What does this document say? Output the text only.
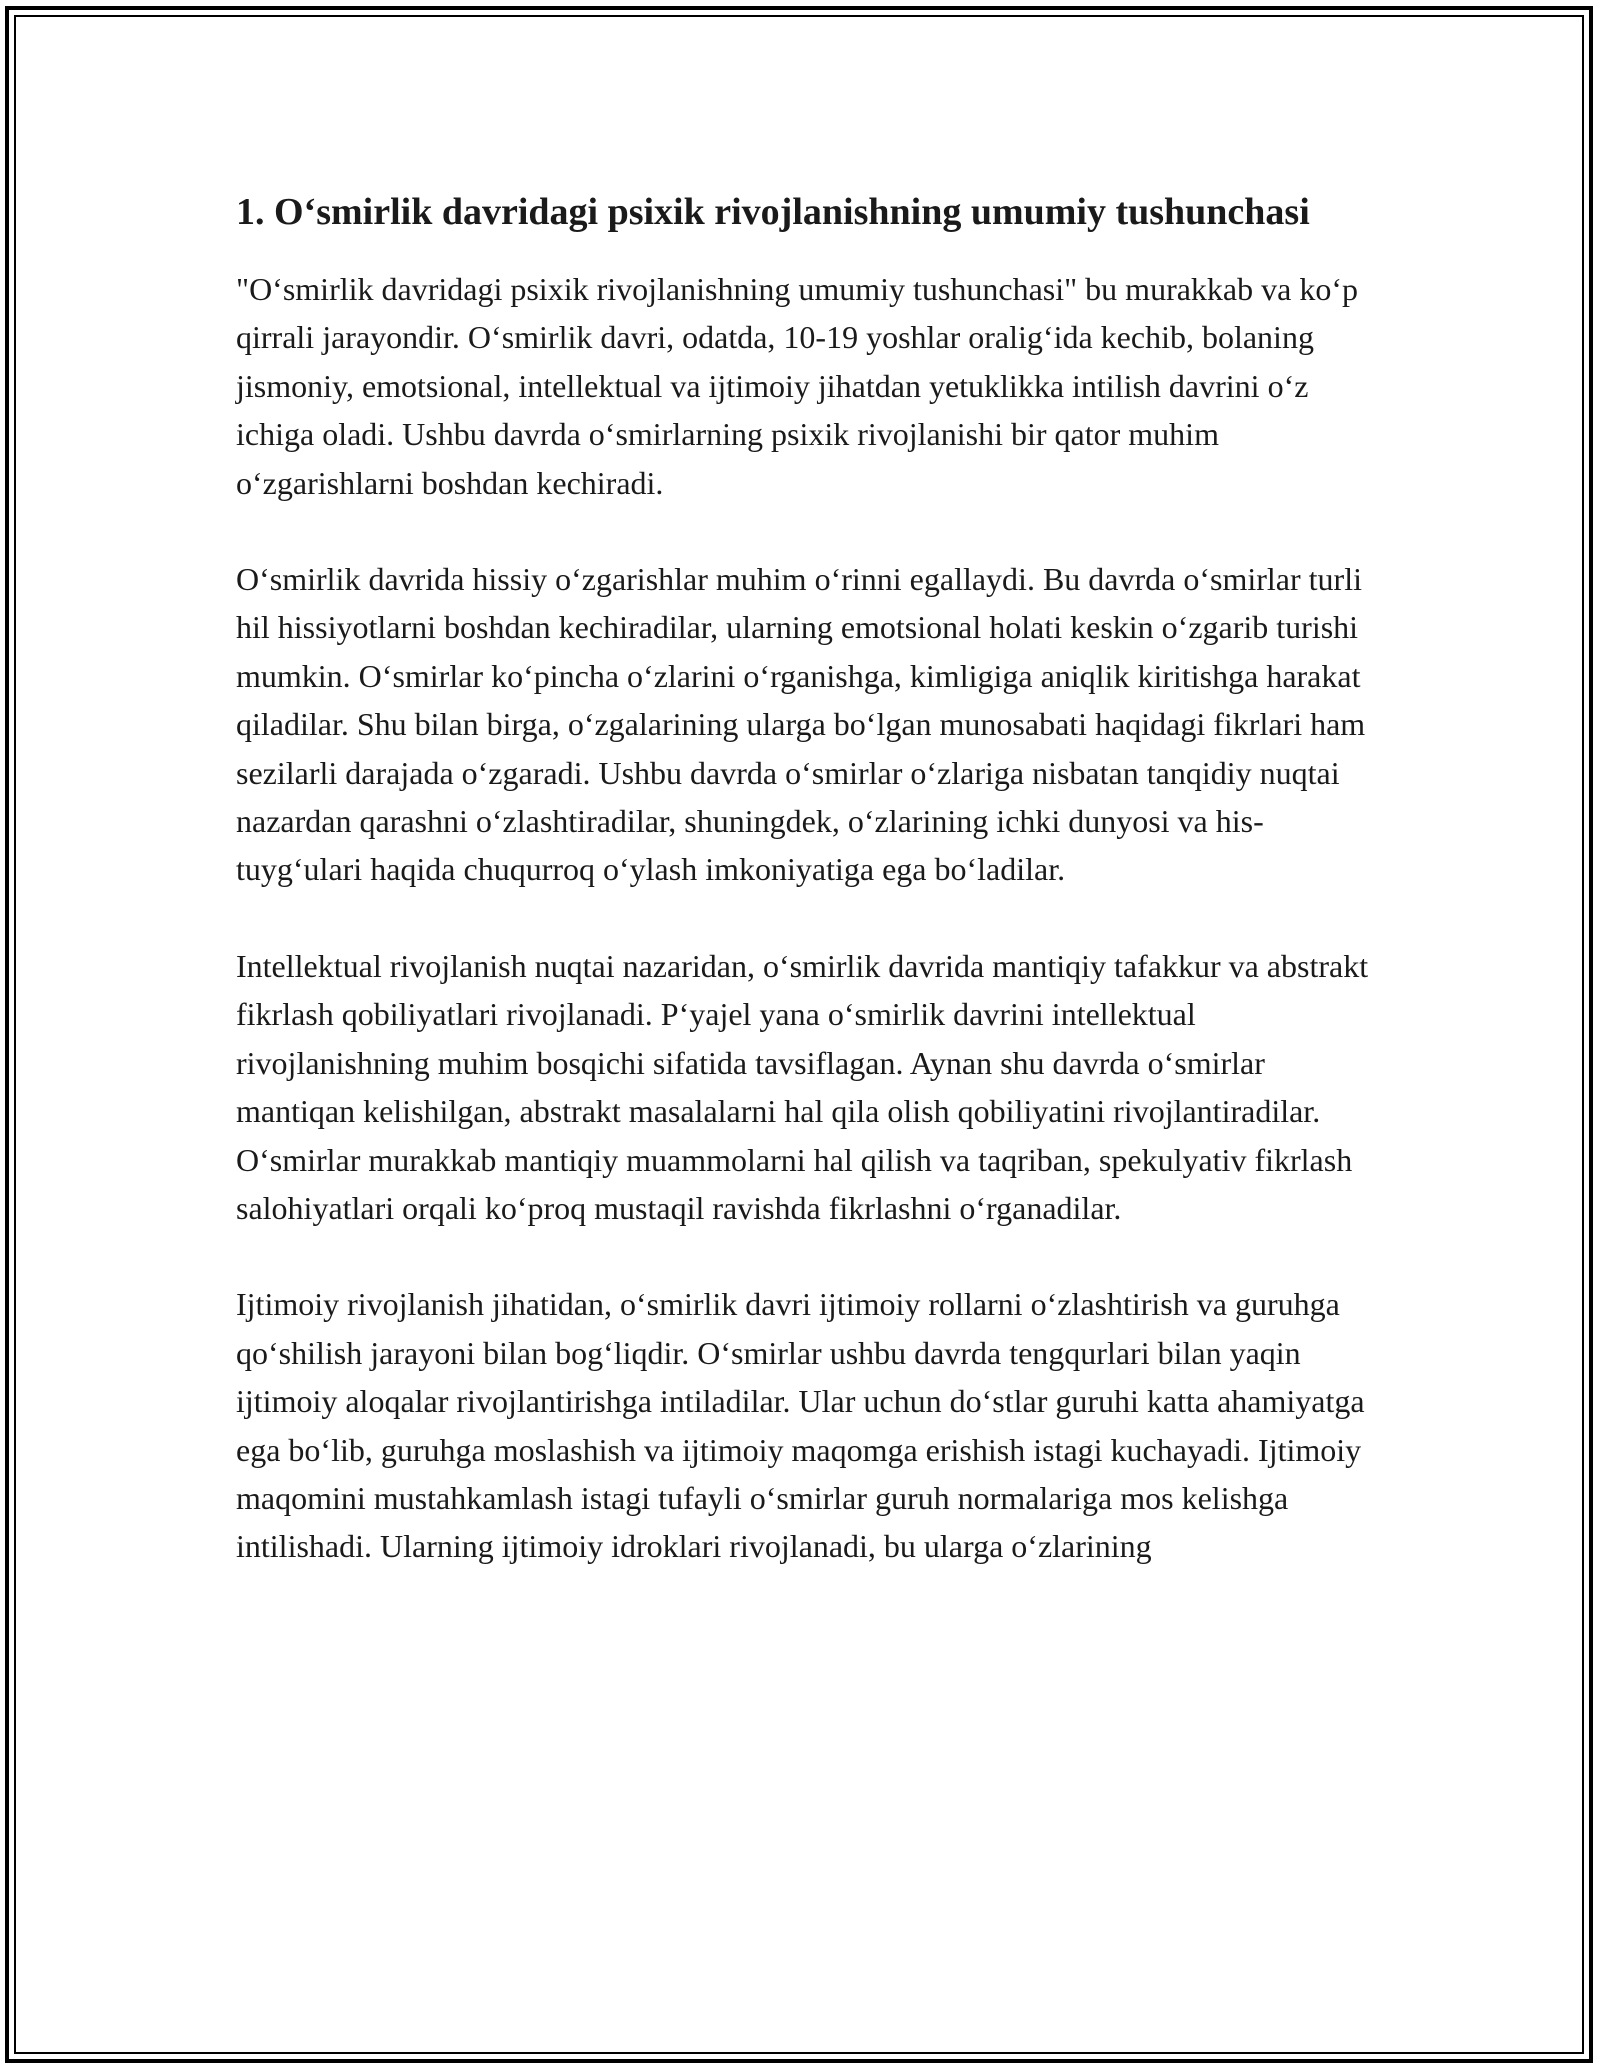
1. O‘smirlik davridagi psixik rivojlanishning umumiy tushunchasi

"O‘smirlik davridagi psixik rivojlanishning umumiy tushunchasi" bu murakkab va ko‘p qirrali jarayondir. O‘smirlik davri, odatda, 10-19 yoshlar oralig‘ida kechib, bolaning jismoniy, emotsional, intellektual va ijtimoiy jihatdan yetuklikka intilish davrini o‘z ichiga oladi. Ushbu davrda o‘smirlarning psixik rivojlanishi bir qator muhim o‘zgarishlarni boshdan kechiradi.

O‘smirlik davrida hissiy o‘zgarishlar muhim o‘rinni egallaydi. Bu davrda o‘smirlar turli hil hissiyotlarni boshdan kechiradilar, ularning emotsional holati keskin o‘zgarib turishi mumkin. O‘smirlar ko‘pincha o‘zlarini o‘rganishga, kimligiga aniqlik kiritishga harakat qiladilar. Shu bilan birga, o‘zgalarining ularga bo‘lgan munosabati haqidagi fikrlari ham sezilarli darajada o‘zgaradi. Ushbu davrda o‘smirlar o‘zlariga nisbatan tanqidiy nuqtai nazardan qarashni o‘zlashtiradilar, shuningdek, o‘zlarining ichki dunyosi va his-tuyg‘ulari haqida chuqurroq o‘ylash imkoniyatiga ega bo‘ladilar.

Intellektual rivojlanish nuqtai nazaridan, o‘smirlik davrida mantiqiy tafakkur va abstrakt fikrlash qobiliyatlari rivojlanadi. P‘yajel yana o‘smirlik davrini intellektual rivojlanishning muhim bosqichi sifatida tavsiflagan. Aynan shu davrda o‘smirlar mantiqan kelishilgan, abstrakt masalalarni hal qila olish qobiliyatini rivojlantiradilar. O‘smirlar murakkab mantiqiy muammolarni hal qilish va taqriban, spekulyativ fikrlash salohiyatlari orqali ko‘proq mustaqil ravishda fikrlashni o‘rganadilar.

Ijtimoiy rivojlanish jihatidan, o‘smirlik davri ijtimoiy rollarni o‘zlashtirish va guruhga qo‘shilish jarayoni bilan bog‘liqdir. O‘smirlar ushbu davrda tengqurlari bilan yaqin ijtimoiy aloqalar rivojlantirishga intiladilar. Ular uchun do‘stlar guruhi katta ahamiyatga ega bo‘lib, guruhga moslashish va ijtimoiy maqomga erishish istagi kuchayadi. Ijtimoiy maqomini mustahkamlash istagi tufayli o‘smirlar guruh normalariga mos kelishga intilishadi. Ularning ijtimoiy idroklari rivojlanadi, bu ularga o‘zlarining
